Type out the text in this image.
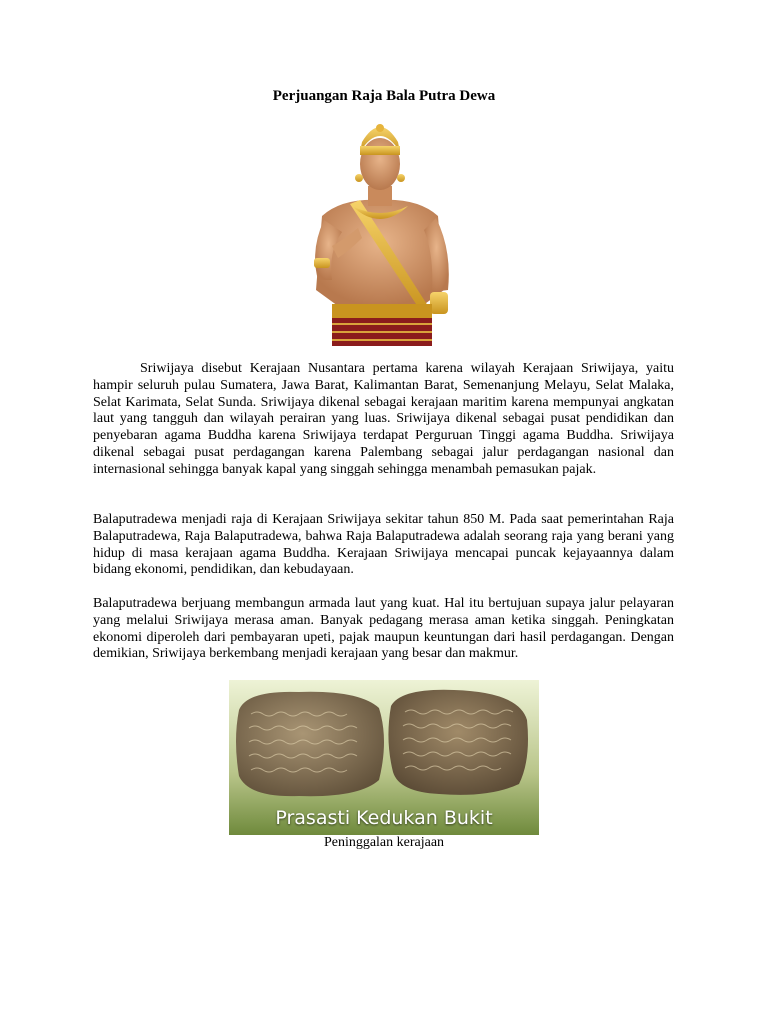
Perjuangan Raja Bala Putra Dewa

Sriwijaya disebut Kerajaan Nusantara pertama karena wilayah Kerajaan Sriwijaya, yaitu hampir seluruh pulau Sumatera, Jawa Barat, Kalimantan Barat, Semenanjung Melayu, Selat Malaka, Selat Karimata, Selat Sunda. Sriwijaya dikenal sebagai kerajaan maritim karena mempunyai angkatan laut yang tangguh dan wilayah perairan yang luas. Sriwijaya dikenal sebagai pusat pendidikan dan penyebaran agama Buddha karena Sriwijaya terdapat Perguruan Tinggi agama Buddha. Sriwijaya dikenal sebagai pusat perdagangan karena Palembang sebagai jalur perdagangan nasional dan internasional sehingga banyak kapal yang singgah sehingga menambah pemasukan pajak.

Balaputradewa menjadi raja di Kerajaan Sriwijaya sekitar tahun 850 M. Pada saat pemerintahan Raja Balaputradewa, Raja Balaputradewa, bahwa Raja Balaputradewa adalah seorang raja yang berani yang hidup di masa kerajaan agama Buddha. Kerajaan Sriwijaya mencapai puncak kejayaannya dalam bidang ekonomi, pendidikan, dan kebudayaan.

Balaputradewa berjuang membangun armada laut yang kuat. Hal itu bertujuan supaya jalur pelayaran yang melalui Sriwijaya merasa aman. Banyak pedagang merasa aman ketika singgah. Peningkatan ekonomi diperoleh dari pembayaran upeti, pajak maupun keuntungan dari hasil perdagangan. Dengan demikian, Sriwijaya berkembang menjadi kerajaan yang besar dan makmur.

Prasasti Kedukan Bukit
Peninggalan kerajaan
